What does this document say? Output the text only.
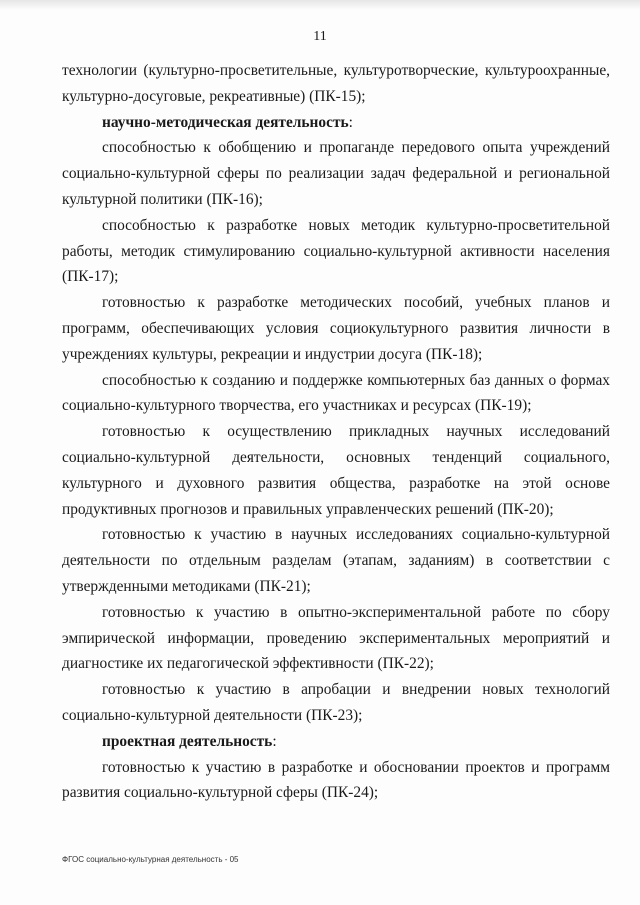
11

технологии (культурно-просветительные, культуротворческие, культуроохранные, культурно-досуговые, рекреативные) (ПК-15);

научно-методическая деятельность:

способностью к обобщению и пропаганде передового опыта учреждений социально-культурной сферы по реализации задач федеральной и региональной культурной политики (ПК-16);

способностью к разработке новых методик культурно-просветительной работы, методик стимулированию социально-культурной активности населения (ПК-17);

готовностью к разработке методических пособий, учебных планов и программ, обеспечивающих условия социокультурного развития личности в учреждениях культуры, рекреации и индустрии досуга (ПК-18);

способностью к созданию и поддержке компьютерных баз данных о формах социально-культурного творчества, его участниках и ресурсах (ПК-19);

готовностью к осуществлению прикладных научных исследований социально-культурной деятельности, основных тенденций социального, культурного и духовного развития общества, разработке на этой основе продуктивных прогнозов и правильных управленческих решений (ПК-20);

готовностью к участию в научных исследованиях социально-культурной деятельности по отдельным разделам (этапам, заданиям) в соответствии с утвержденными методиками (ПК-21);

готовностью к участию в опытно-экспериментальной работе по сбору эмпирической информации, проведению экспериментальных мероприятий и диагностике их педагогической эффективности (ПК-22);

готовностью к участию в апробации и внедрении новых технологий социально-культурной деятельности (ПК-23);

проектная деятельность:

готовностью к участию в разработке и обосновании проектов и программ развития социально-культурной сферы (ПК-24);

ФГОС социально-культурная деятельность - 05
